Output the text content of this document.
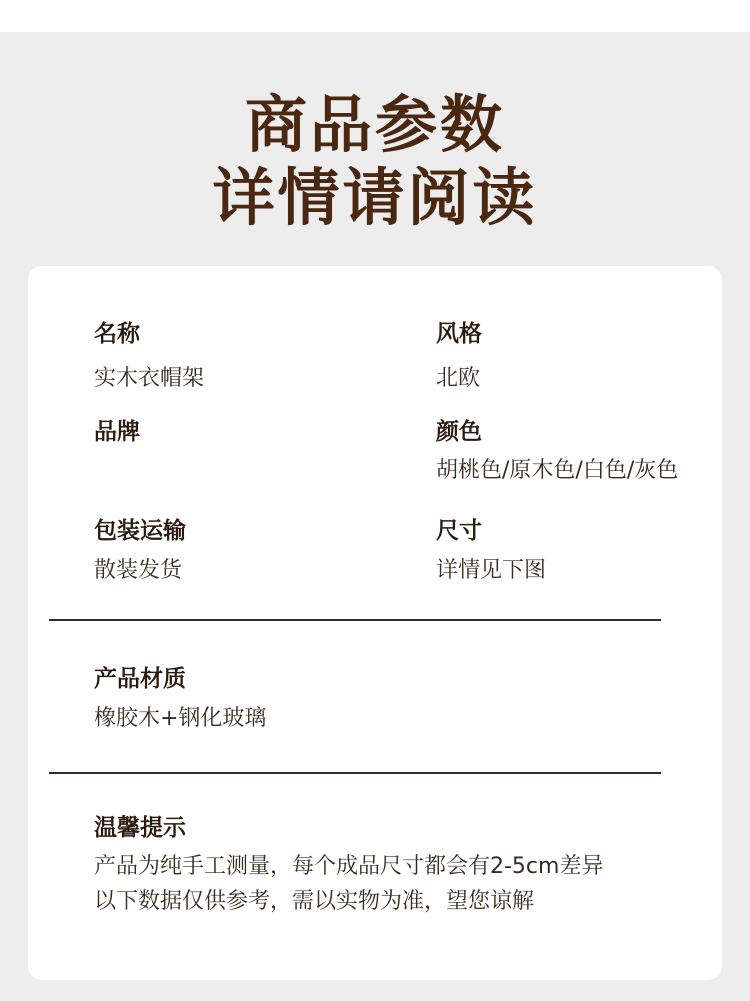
商品参数
详情请阅读
名称
实木衣帽架
风格
北欧
品牌	颜色
胡桃色/原木色/白色/灰色
包装运输
散装发货
尺寸
详情见下图
产品材质
橡胶木+钢化玻璃
温馨提示
产品为纯手工测量，每个成品尺寸都会有2-5cm差异
以下数据仅供参考，需以实物为准，望您谅解
